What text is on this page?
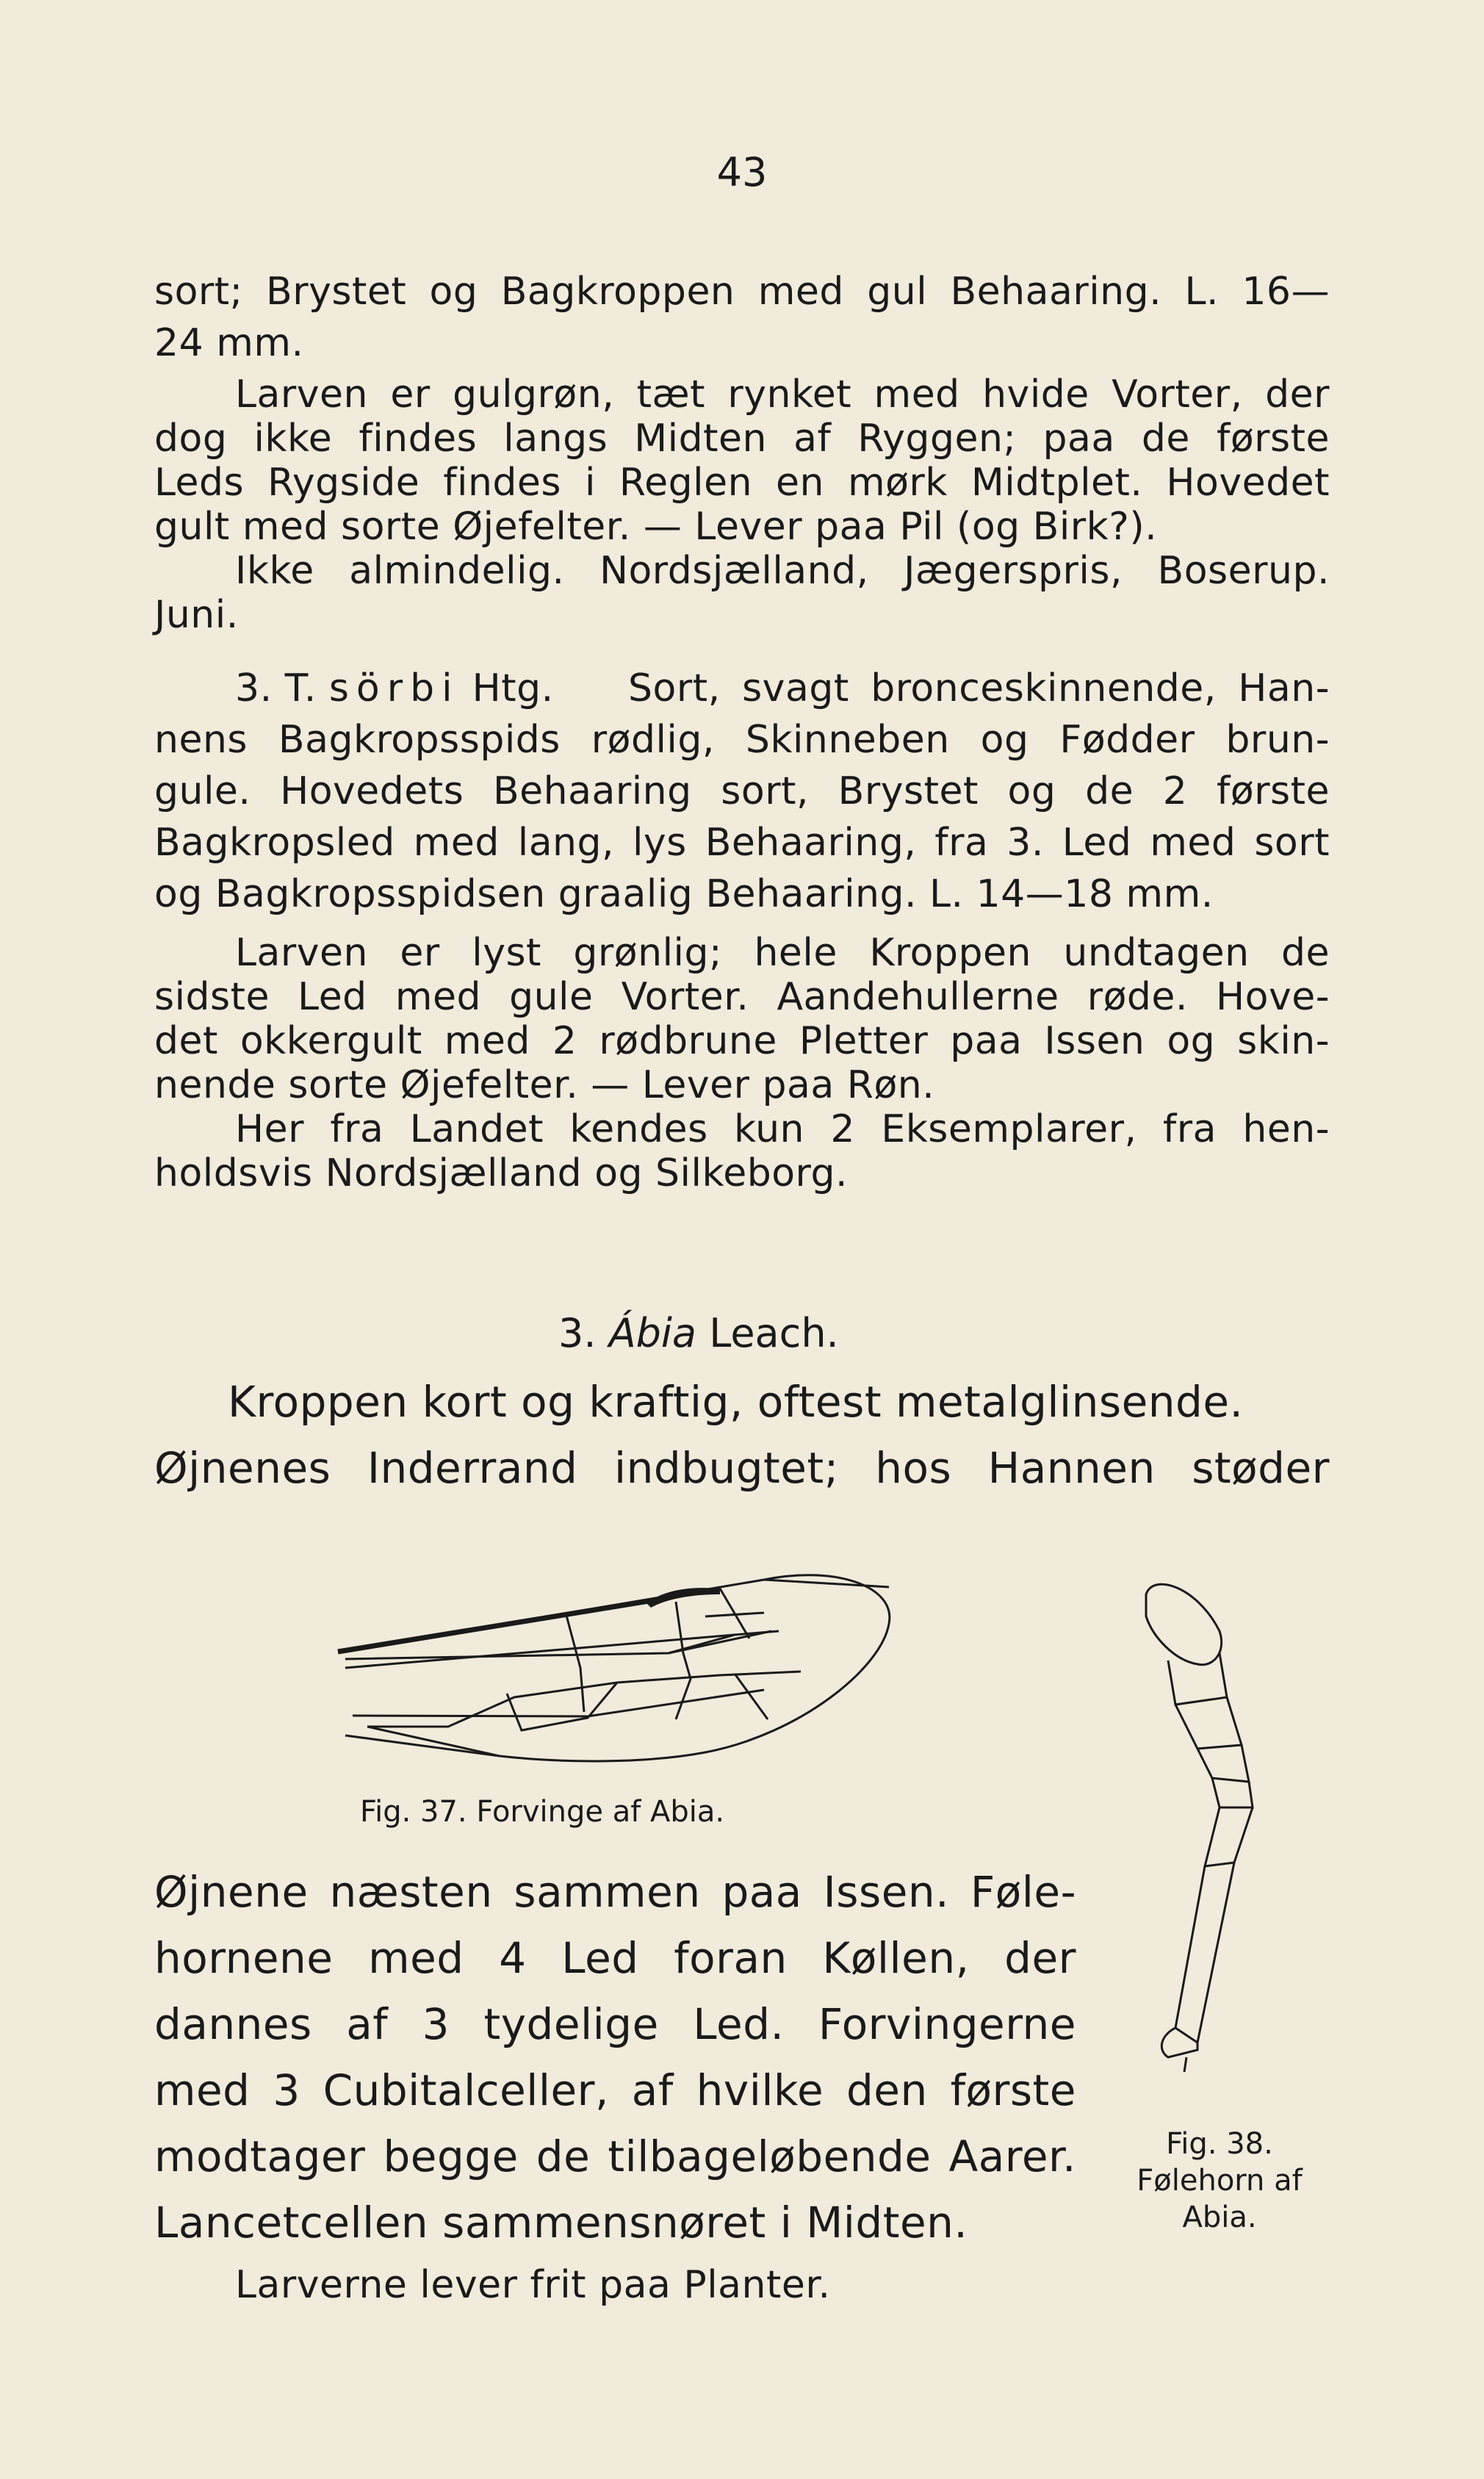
43
sort; Brystet og Bagkroppen med gul Behaaring. L. 16—
24 mm.
Larven er gulgrøn, tæt rynket med hvide Vorter, der
dog ikke findes langs Midten af Ryggen; paa de første
Leds Rygside findes i Reglen en mørk Midtplet. Hovedet
gult med sorte Øjefelter. — Lever paa Pil (og Birk?).
Ikke almindelig. Nordsjælland, Jægerspris, Boserup.
Juni.
3. T. sörbi Htg. Sort, svagt bronceskinnende, Han-
nens Bagkropsspids rødlig, Skinneben og Fødder brun-
gule. Hovedets Behaaring sort, Brystet og de 2 første
Bagkropsled med lang, lys Behaaring, fra 3. Led med sort
og Bagkropsspidsen graalig Behaaring. L. 14—18 mm.
Larven er lyst grønlig; hele Kroppen undtagen de
sidste Led med gule Vorter. Aandehullerne røde. Hove-
det okkergult med 2 rødbrune Pletter paa Issen og skin-
nende sorte Øjefelter. — Lever paa Røn.
Her fra Landet kendes kun 2 Eksemplarer, fra hen-
holdsvis Nordsjælland og Silkeborg.
3. Ábia Leach.
Kroppen kort og kraftig, oftest metalglinsende.
Øjnenes Inderrand indbugtet; hos Hannen støder
Fig. 37. Forvinge af Abia.
Fig. 38.
Følehorn af
Abia.
Øjnene næsten sammen paa Issen. Føle-
hornene med 4 Led foran Køllen, der
dannes af 3 tydelige Led. Forvingerne
med 3 Cubitalceller, af hvilke den første
modtager begge de tilbageløbende Aarer.
Lancetcellen sammensnøret i Midten.
Larverne lever frit paa Planter.
